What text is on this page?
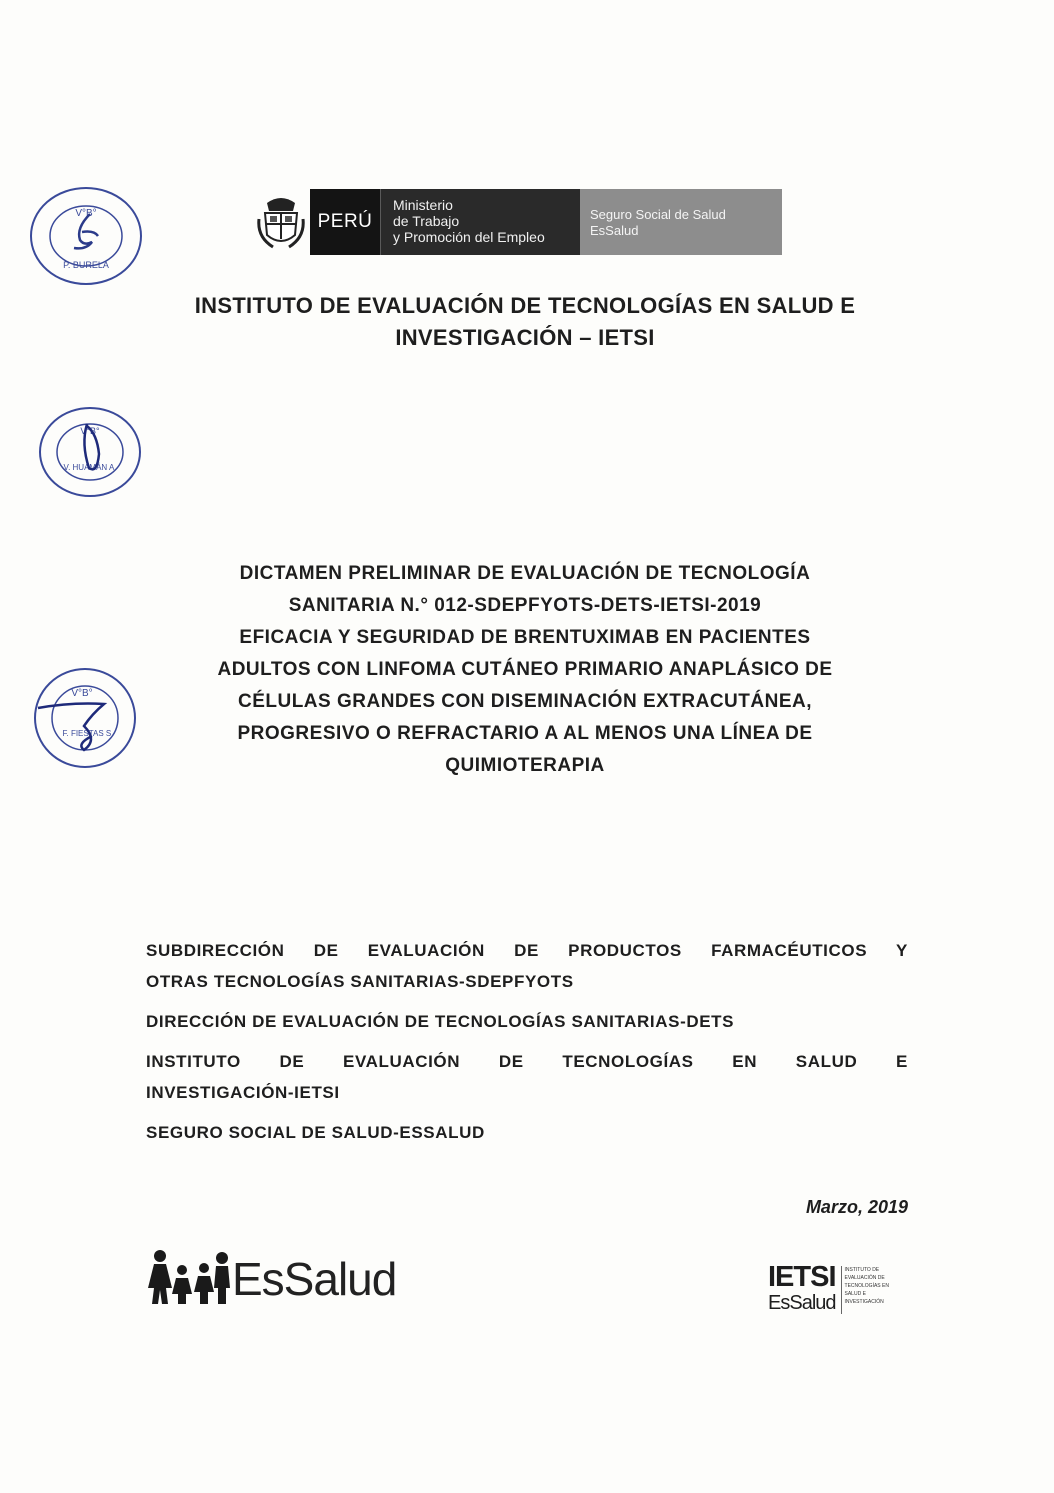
PERÚ
Ministerio
de Trabajo
y Promoción del Empleo
Seguro Social de Salud
EsSalud
INSTITUTO DE EVALUACIÓN DE TECNOLOGÍAS EN SALUD E
INVESTIGACIÓN – IETSI
V°B°
P. BURELA
V°B°
V. HUAMÁN A.
V°B°
F. FIESTAS S.
DICTAMEN PRELIMINAR DE EVALUACIÓN DE TECNOLOGÍA
SANITARIA N.° 012-SDEPFYOTS-DETS-IETSI-2019
EFICACIA Y SEGURIDAD DE BRENTUXIMAB EN PACIENTES
ADULTOS CON LINFOMA CUTÁNEO PRIMARIO ANAPLÁSICO DE
CÉLULAS GRANDES CON DISEMINACIÓN EXTRACUTÁNEA,
PROGRESIVO O REFRACTARIO A AL MENOS UNA LÍNEA DE
QUIMIOTERAPIA

SUBDIRECCIÓN DE EVALUACIÓN DE PRODUCTOS FARMACÉUTICOS Y
OTRAS TECNOLOGÍAS SANITARIAS-SDEPFYOTS

DIRECCIÓN DE EVALUACIÓN DE TECNOLOGÍAS SANITARIAS-DETS

INSTITUTO DE EVALUACIÓN DE TECNOLOGÍAS EN SALUD E
INVESTIGACIÓN-IETSI

SEGURO SOCIAL DE SALUD-ESSALUD

Marzo, 2019
EsSalud	IETSI
EsSalud
INSTITUTO DE
EVALUACIÓN DE
TECNOLOGÍAS EN
SALUD E
INVESTIGACIÓN
